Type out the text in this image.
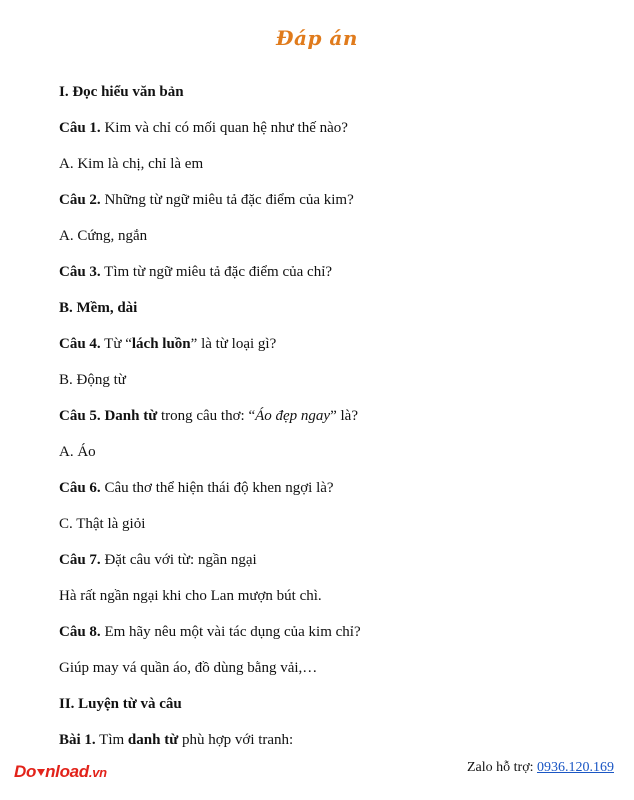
Đáp án
I. Đọc hiểu văn bản
Câu 1. Kim và chỉ có mối quan hệ như thế nào?
A. Kim là chị, chỉ là em
Câu 2. Những từ ngữ miêu tả đặc điểm của kim?
A. Cứng, ngắn
Câu 3. Tìm từ ngữ miêu tả đặc điểm của chỉ?
B. Mềm, dài
Câu 4. Từ “lách luồn” là từ loại gì?
B. Động từ
Câu 5. Danh từ trong câu thơ: “Áo đẹp ngay” là?
A. Áo
Câu 6. Câu thơ thể hiện thái độ khen ngợi là?
C. Thật là giỏi
Câu 7. Đặt câu với từ: ngần ngại
Hà rất ngần ngại khi cho Lan mượn bút chì.
Câu 8. Em hãy nêu một vài tác dụng của kim chỉ?
Giúp may vá quần áo, đồ dùng bằng vải,…
II. Luyện từ và câu
Bài 1. Tìm danh từ phù hợp với tranh:
Do nload.vn	Zalo hỗ trợ: 0936.120.169
